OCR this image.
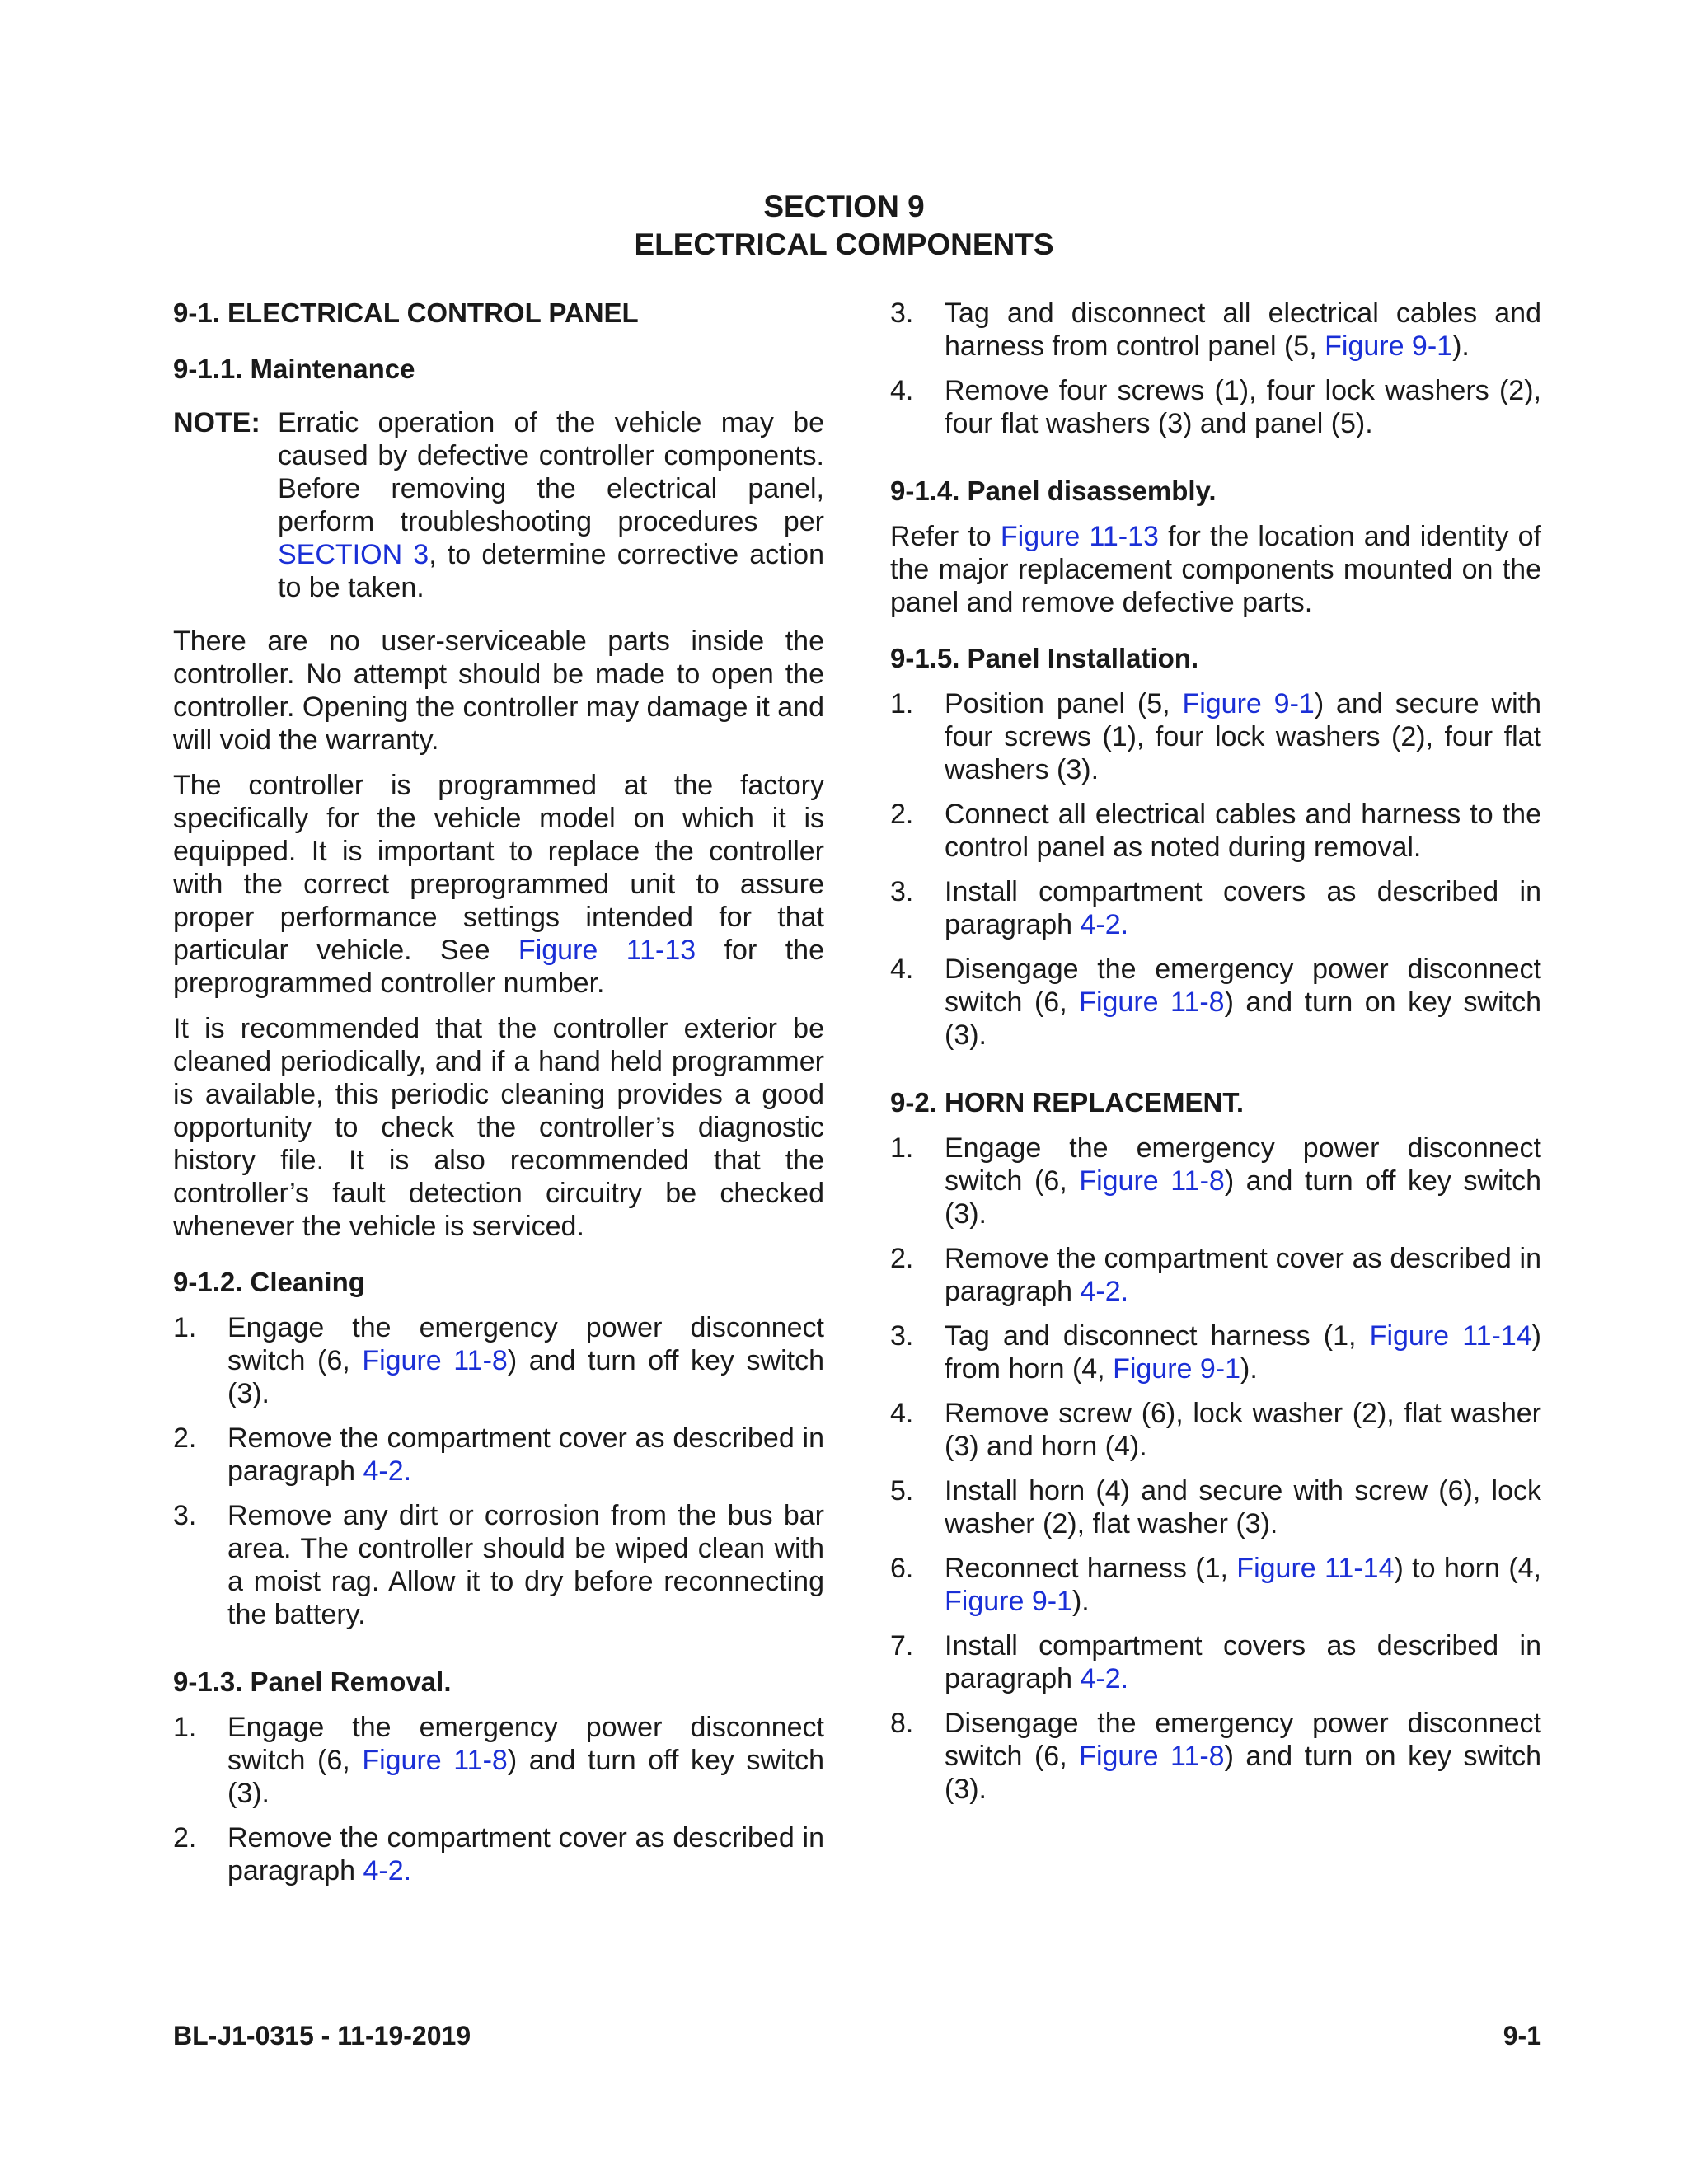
SECTION 9
ELECTRICAL COMPONENTS
9-1. ELECTRICAL CONTROL PANEL
9-1.1. Maintenance
NOTE: Erratic operation of the vehicle may be caused by defective controller components. Before removing the electrical panel, perform troubleshooting procedures per SECTION 3, to determine corrective action to be taken.

There are no user-serviceable parts inside the controller. No attempt should be made to open the controller. Opening the controller may damage it and will void the warranty.

The controller is programmed at the factory specifically for the vehicle model on which it is equipped. It is important to replace the controller with the correct preprogrammed unit to assure proper performance settings intended for that particular vehicle. See Figure 11-13 for the preprogrammed controller number.

It is recommended that the controller exterior be cleaned periodically, and if a hand held programmer is available, this periodic cleaning provides a good opportunity to check the controller’s diagnostic history file. It is also recommended that the controller’s fault detection circuitry be checked whenever the vehicle is serviced.

9-1.2. Cleaning
1.	Engage the emergency power disconnect switch (6, Figure 11-8) and turn off key switch (3).
2.	Remove the compartment cover as described in paragraph 4-2.
3.	Remove any dirt or corrosion from the bus bar area. The controller should be wiped clean with a moist rag. Allow it to dry before reconnecting the battery.
9-1.3. Panel Removal.
1.	Engage the emergency power disconnect switch (6, Figure 11-8) and turn off key switch (3).
2.	Remove the compartment cover as described in paragraph 4-2.
3.	Tag and disconnect all electrical cables and harness from control panel (5, Figure 9-1).
4.	Remove four screws (1), four lock washers (2), four flat washers (3) and panel (5).
9-1.4. Panel disassembly.

Refer to Figure 11-13 for the location and identity of the major replacement components mounted on the panel and remove defective parts.

9-1.5. Panel Installation.
1.	Position panel (5, Figure 9-1) and secure with four screws (1), four lock washers (2), four flat washers (3).
2.	Connect all electrical cables and harness to the control panel as noted during removal.
3.	Install compartment covers as described in paragraph 4-2.
4.	Disengage the emergency power disconnect switch (6, Figure 11-8) and turn on key switch (3).
9-2. HORN REPLACEMENT.
1.	Engage the emergency power disconnect switch (6, Figure 11-8) and turn off key switch (3).
2.	Remove the compartment cover as described in paragraph 4-2.
3.	Tag and disconnect harness (1, Figure 11-14) from horn (4, Figure 9-1).
4.	Remove screw (6), lock washer (2), flat washer (3) and horn (4).
5.	Install horn (4) and secure with screw (6), lock washer (2), flat washer (3).
6.	Reconnect harness (1, Figure 11-14) to horn (4, Figure 9-1).
7.	Install compartment covers as described in paragraph 4-2.
8.	Disengage the emergency power disconnect switch (6, Figure 11-8) and turn on key switch (3).
BL-J1-0315 - 11-19-2019	9-1
